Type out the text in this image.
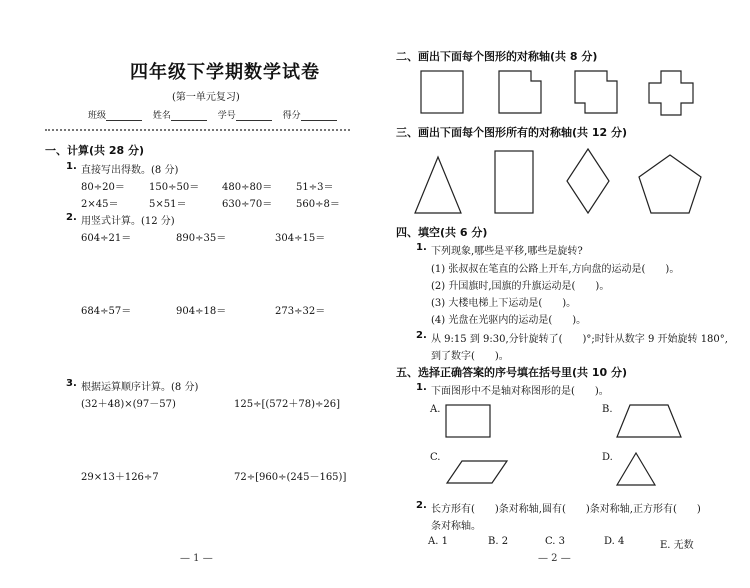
四年级下学期数学试卷
(第一单元复习)
班级	姓名	学号	得分
一、计算(共 28 分)
1. 直接写出得数。(8 分)
80÷20＝ 150÷50＝ 480÷80＝ 51÷3＝
2×45＝	5×51＝	630÷70＝ 560÷8＝
2. 用竖式计算。(12 分)
604÷21＝	890÷35＝	304÷15＝
684÷57＝	904÷18＝	273÷32＝
3. 根据运算顺序计算。(8 分)
(32＋48)×(97－57)	125÷[(572＋78)÷26]
29×13＋126÷7	72÷[960÷(245－165)]
— 1 —
二、画出下面每个图形的对称轴(共 8 分)
三、画出下面每个图形所有的对称轴(共 12 分)
四、填空(共 6 分)
1. 下列现象,哪些是平移,哪些是旋转?
(1) 张叔叔在笔直的公路上开车,方向盘的运动是(　　)。
(2) 升国旗时,国旗的升旗运动是(　　)。
(3) 大楼电梯上下运动是(　　)。
(4) 光盘在光驱内的运动是(　　)。
2. 从 9:15 到 9:30,分针旋转了(　　)°;时针从数字 9 开始旋转 180°,
到了数字(　　)。
五、选择正确答案的序号填在括号里(共 10 分)
1. 下面图形中不是轴对称图形的是(　　)。
A.	B.
C.	D.
2. 长方形有(　　)条对称轴,圆有(　　)条对称轴,正方形有(　　)
条对称轴。
A. 1	B. 2	C. 3	D. 4	E. 无数
— 2 —
